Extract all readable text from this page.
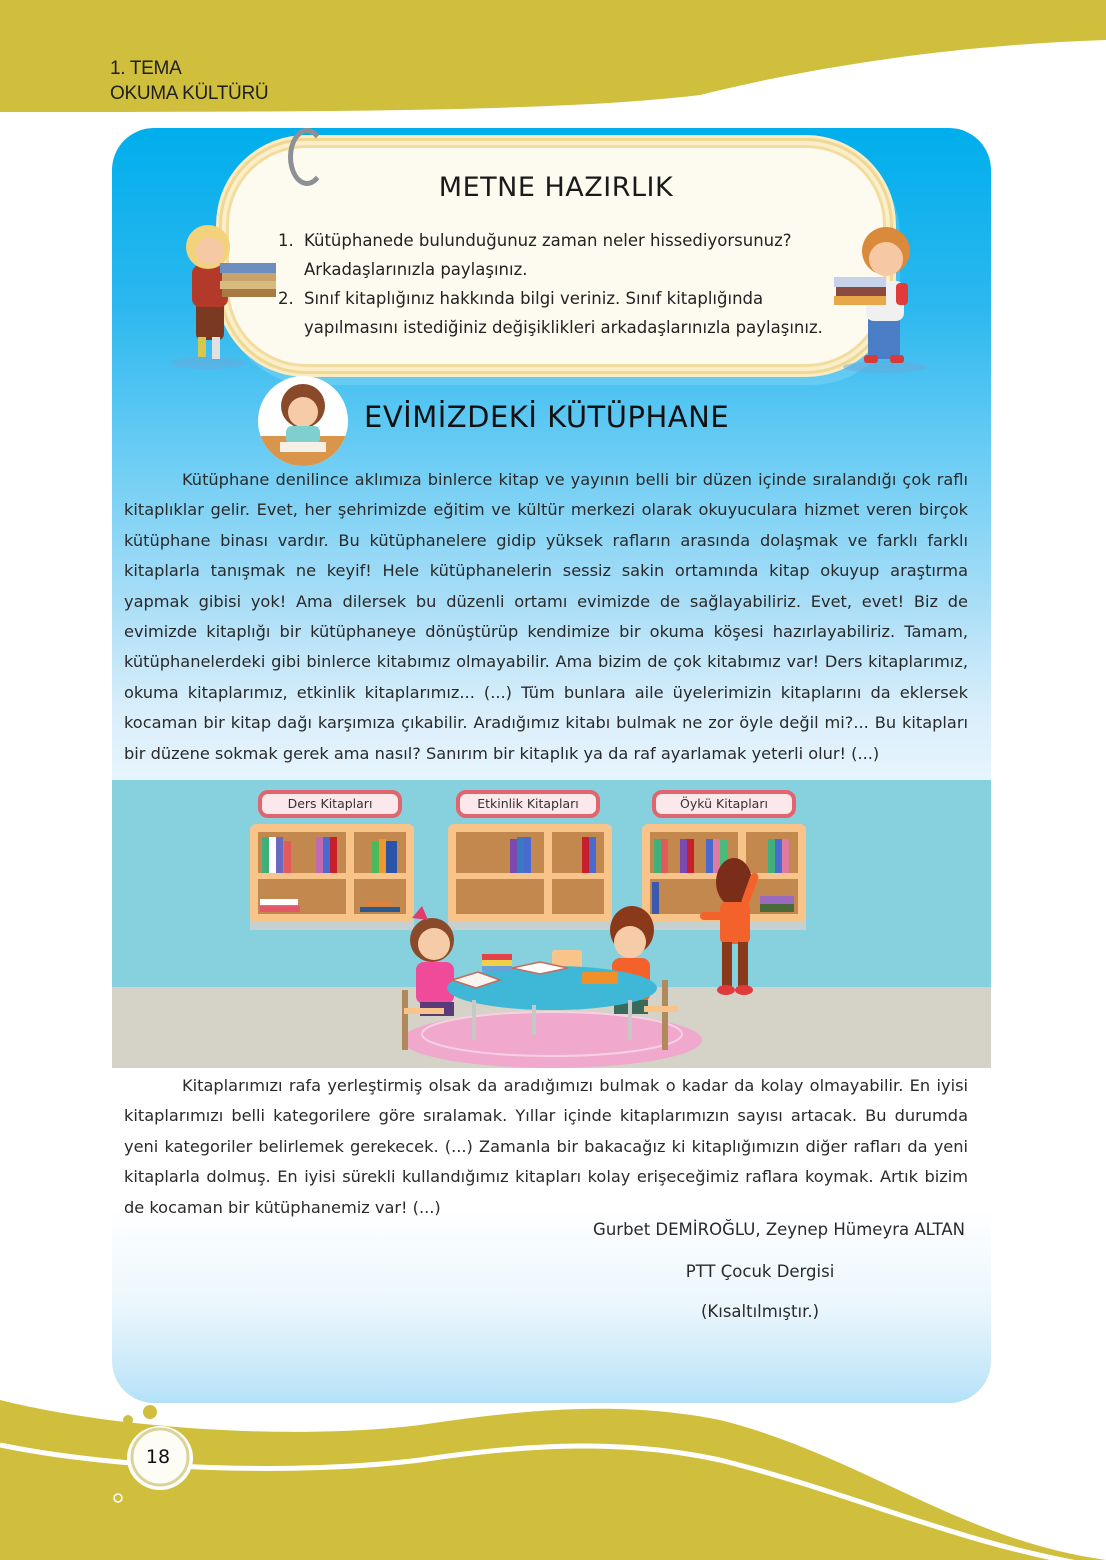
1. TEMA
OKUMA KÜLTÜRÜ
METNE HAZIRLIK
1. Kütüphanede bulunduğunuz zaman neler hissediyorsunuz? Arkadaşlarınızla paylaşınız.
2. Sınıf kitaplığınız hakkında bilgi veriniz. Sınıf kitaplığında yapılmasını istediğiniz değişiklikleri arkadaşlarınızla paylaşınız.
EVİMİZDEKİ KÜTÜPHANE
Kütüphane denilince aklımıza binlerce kitap ve yayının belli bir düzen içinde sıralandığı çok raflı kitaplıklar gelir. Evet, her şehrimizde eğitim ve kültür merkezi olarak okuyuculara hizmet veren birçok kütüphane binası vardır. Bu kütüphanelere gidip yüksek rafların arasında dolaşmak ve farklı farklı kitaplarla tanışmak ne keyif! Hele kütüphanelerin sessiz sakin ortamında kitap okuyup araştırma yapmak gibisi yok! Ama dilersek bu düzenli ortamı evimizde de sağlayabiliriz. Evet, evet! Biz de evimizde kitaplığı bir kütüphaneye dönüştürüp kendimize bir okuma köşesi hazırlayabiliriz. Tamam, kütüphanelerdeki gibi binlerce kitabımız olmayabilir. Ama bizim de çok kitabımız var! Ders kitaplarımız, okuma kitaplarımız, etkinlik kitaplarımız... (...) Tüm bunlara aile üyelerimizin kitaplarını da eklersek kocaman bir kitap dağı karşımıza çıkabilir. Aradığımız kitabı bulmak ne zor öyle değil mi?... Bu kitapları bir düzene sokmak gerek ama nasıl? Sanırım bir kitaplık ya da raf ayarlamak yeterli olur! (...)
Ders Kitapları	Etkinlik Kitapları	Öykü Kitapları
Kitaplarımızı rafa yerleştirmiş olsak da aradığımızı bulmak o kadar da kolay olmayabilir. En iyisi kitaplarımızı belli kategorilere göre sıralamak. Yıllar içinde kitaplarımızın sayısı artacak. Bu durumda yeni kategoriler belirlemek gerekecek. (...) Zamanla bir bakacağız ki kitaplığımızın diğer rafları da yeni kitaplarla dolmuş. En iyisi sürekli kullandığımız kitapları kolay erişeceğimiz raflara koymak. Artık bizim de kocaman bir kütüphanemiz var! (...)
Gurbet DEMİROĞLU, Zeynep Hümeyra ALTAN
PTT Çocuk Dergisi
(Kısaltılmıştır.)
18
